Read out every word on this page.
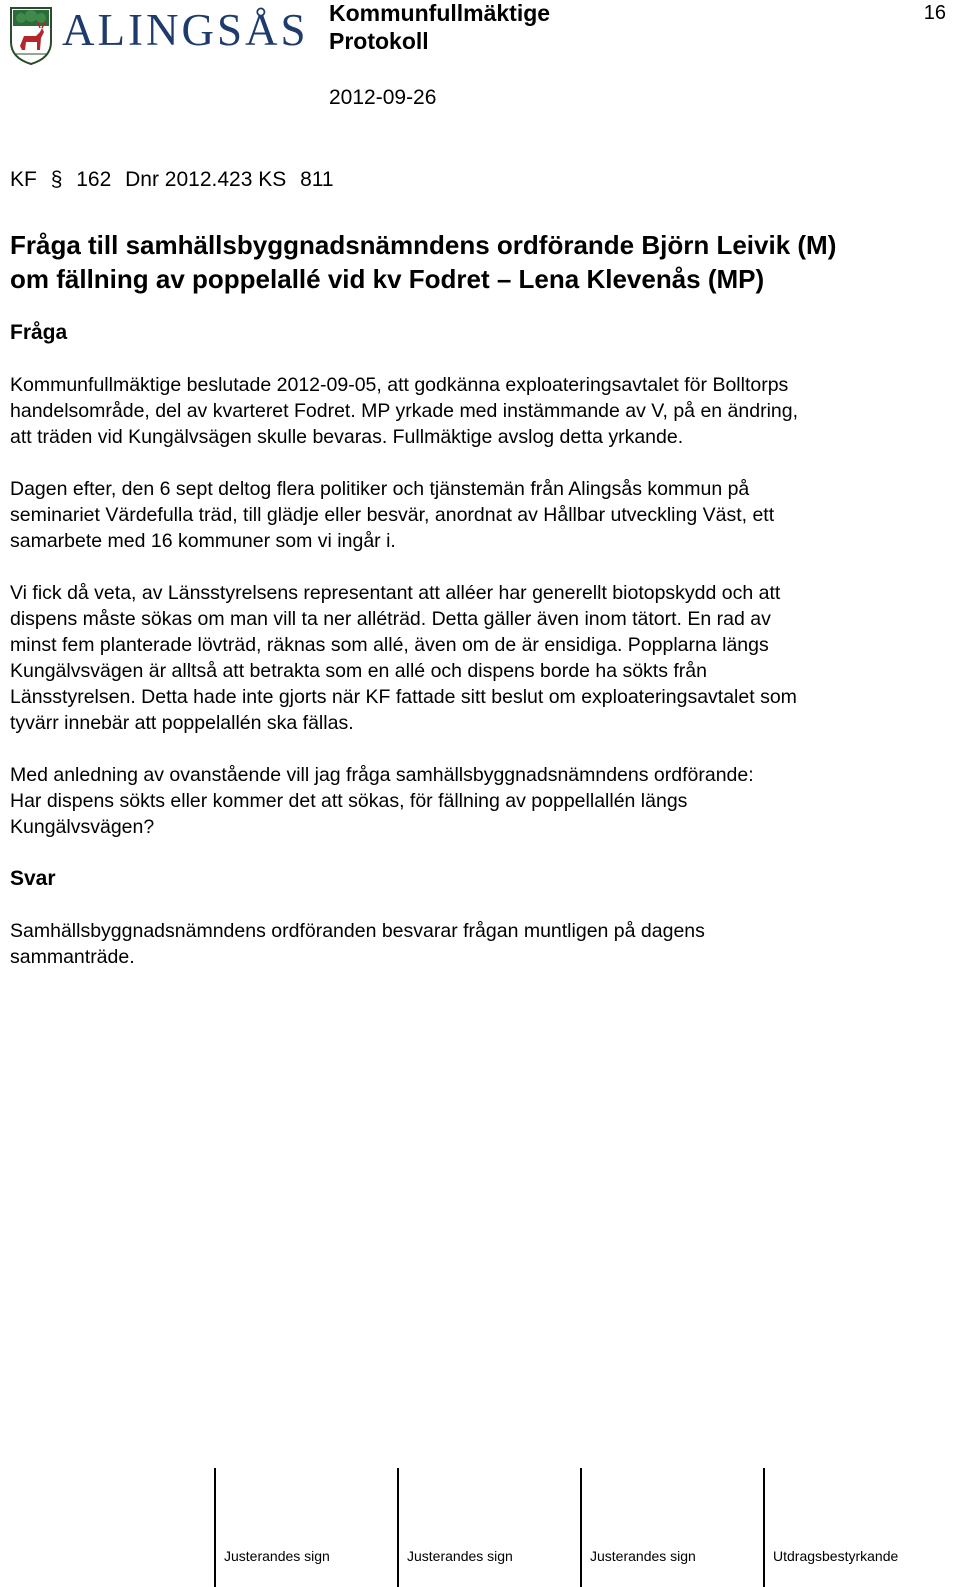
ALINGSÅS Kommunfullmäktige
Protokoll
16
2012-09-26
KF § 162 Dnr 2012.423 KS 811
Fråga till samhällsbyggnadsnämndens ordförande Björn Leivik (M)
om fällning av poppelallé vid kv Fodret – Lena Klevenås (MP)
Fråga
Kommunfullmäktige beslutade 2012-09-05, att godkänna exploateringsavtalet för Bolltorps
handelsområde, del av kvarteret Fodret. MP yrkade med instämmande av V, på en ändring,
att träden vid Kungälvsägen skulle bevaras. Fullmäktige avslog detta yrkande.
Dagen efter, den 6 sept deltog flera politiker och tjänstemän från Alingsås kommun på
seminariet Värdefulla träd, till glädje eller besvär, anordnat av Hållbar utveckling Väst, ett
samarbete med 16 kommuner som vi ingår i.
Vi fick då veta, av Länsstyrelsens representant att alléer har generellt biotopskydd och att
dispens måste sökas om man vill ta ner alléträd. Detta gäller även inom tätort. En rad av
minst fem planterade lövträd, räknas som allé, även om de är ensidiga. Popplarna längs
Kungälvsvägen är alltså att betrakta som en allé och dispens borde ha sökts från
Länsstyrelsen. Detta hade inte gjorts när KF fattade sitt beslut om exploateringsavtalet som
tyvärr innebär att poppelallén ska fällas.
Med anledning av ovanstående vill jag fråga samhällsbyggnadsnämndens ordförande:
Har dispens sökts eller kommer det att sökas, för fällning av poppellallén längs
Kungälvsvägen?
Svar
Samhällsbyggnadsnämndens ordföranden besvarar frågan muntligen på dagens
sammanträde.
Justerandes sign	Justerandes sign	Justerandes sign	Utdragsbestyrkande
